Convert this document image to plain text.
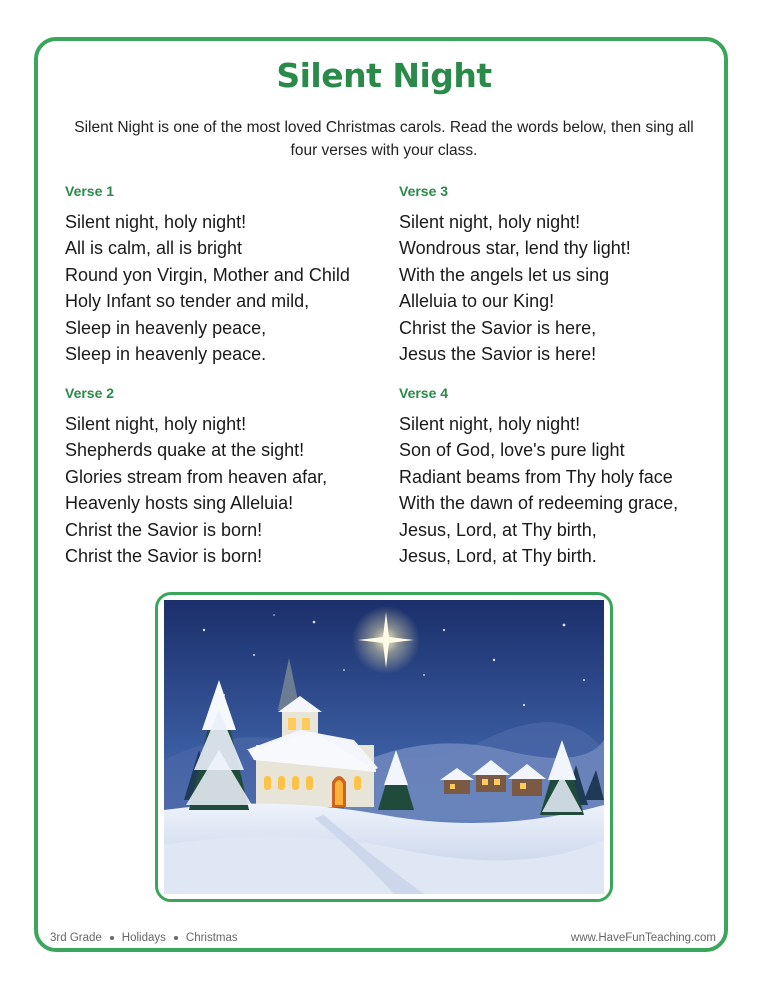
Silent Night
Silent Night is one of the most loved Christmas carols. Read the words below, then sing all four verses with your class.
Verse 1
Silent night, holy night!
All is calm, all is bright
Round yon Virgin, Mother and Child
Holy Infant so tender and mild,
Sleep in heavenly peace,
Sleep in heavenly peace.
Verse 3
Silent night, holy night!
Wondrous star, lend thy light!
With the angels let us sing
Alleluia to our King!
Christ the Savior is here,
Jesus the Savior is here!
Verse 2
Silent night, holy night!
Shepherds quake at the sight!
Glories stream from heaven afar,
Heavenly hosts sing Alleluia!
Christ the Savior is born!
Christ the Savior is born!
Verse 4
Silent night, holy night!
Son of God, love's pure light
Radiant beams from Thy holy face
With the dawn of redeeming grace,
Jesus, Lord, at Thy birth,
Jesus, Lord, at Thy birth.
3rd Grade Holidays Christmas	www.HaveFunTeaching.com
